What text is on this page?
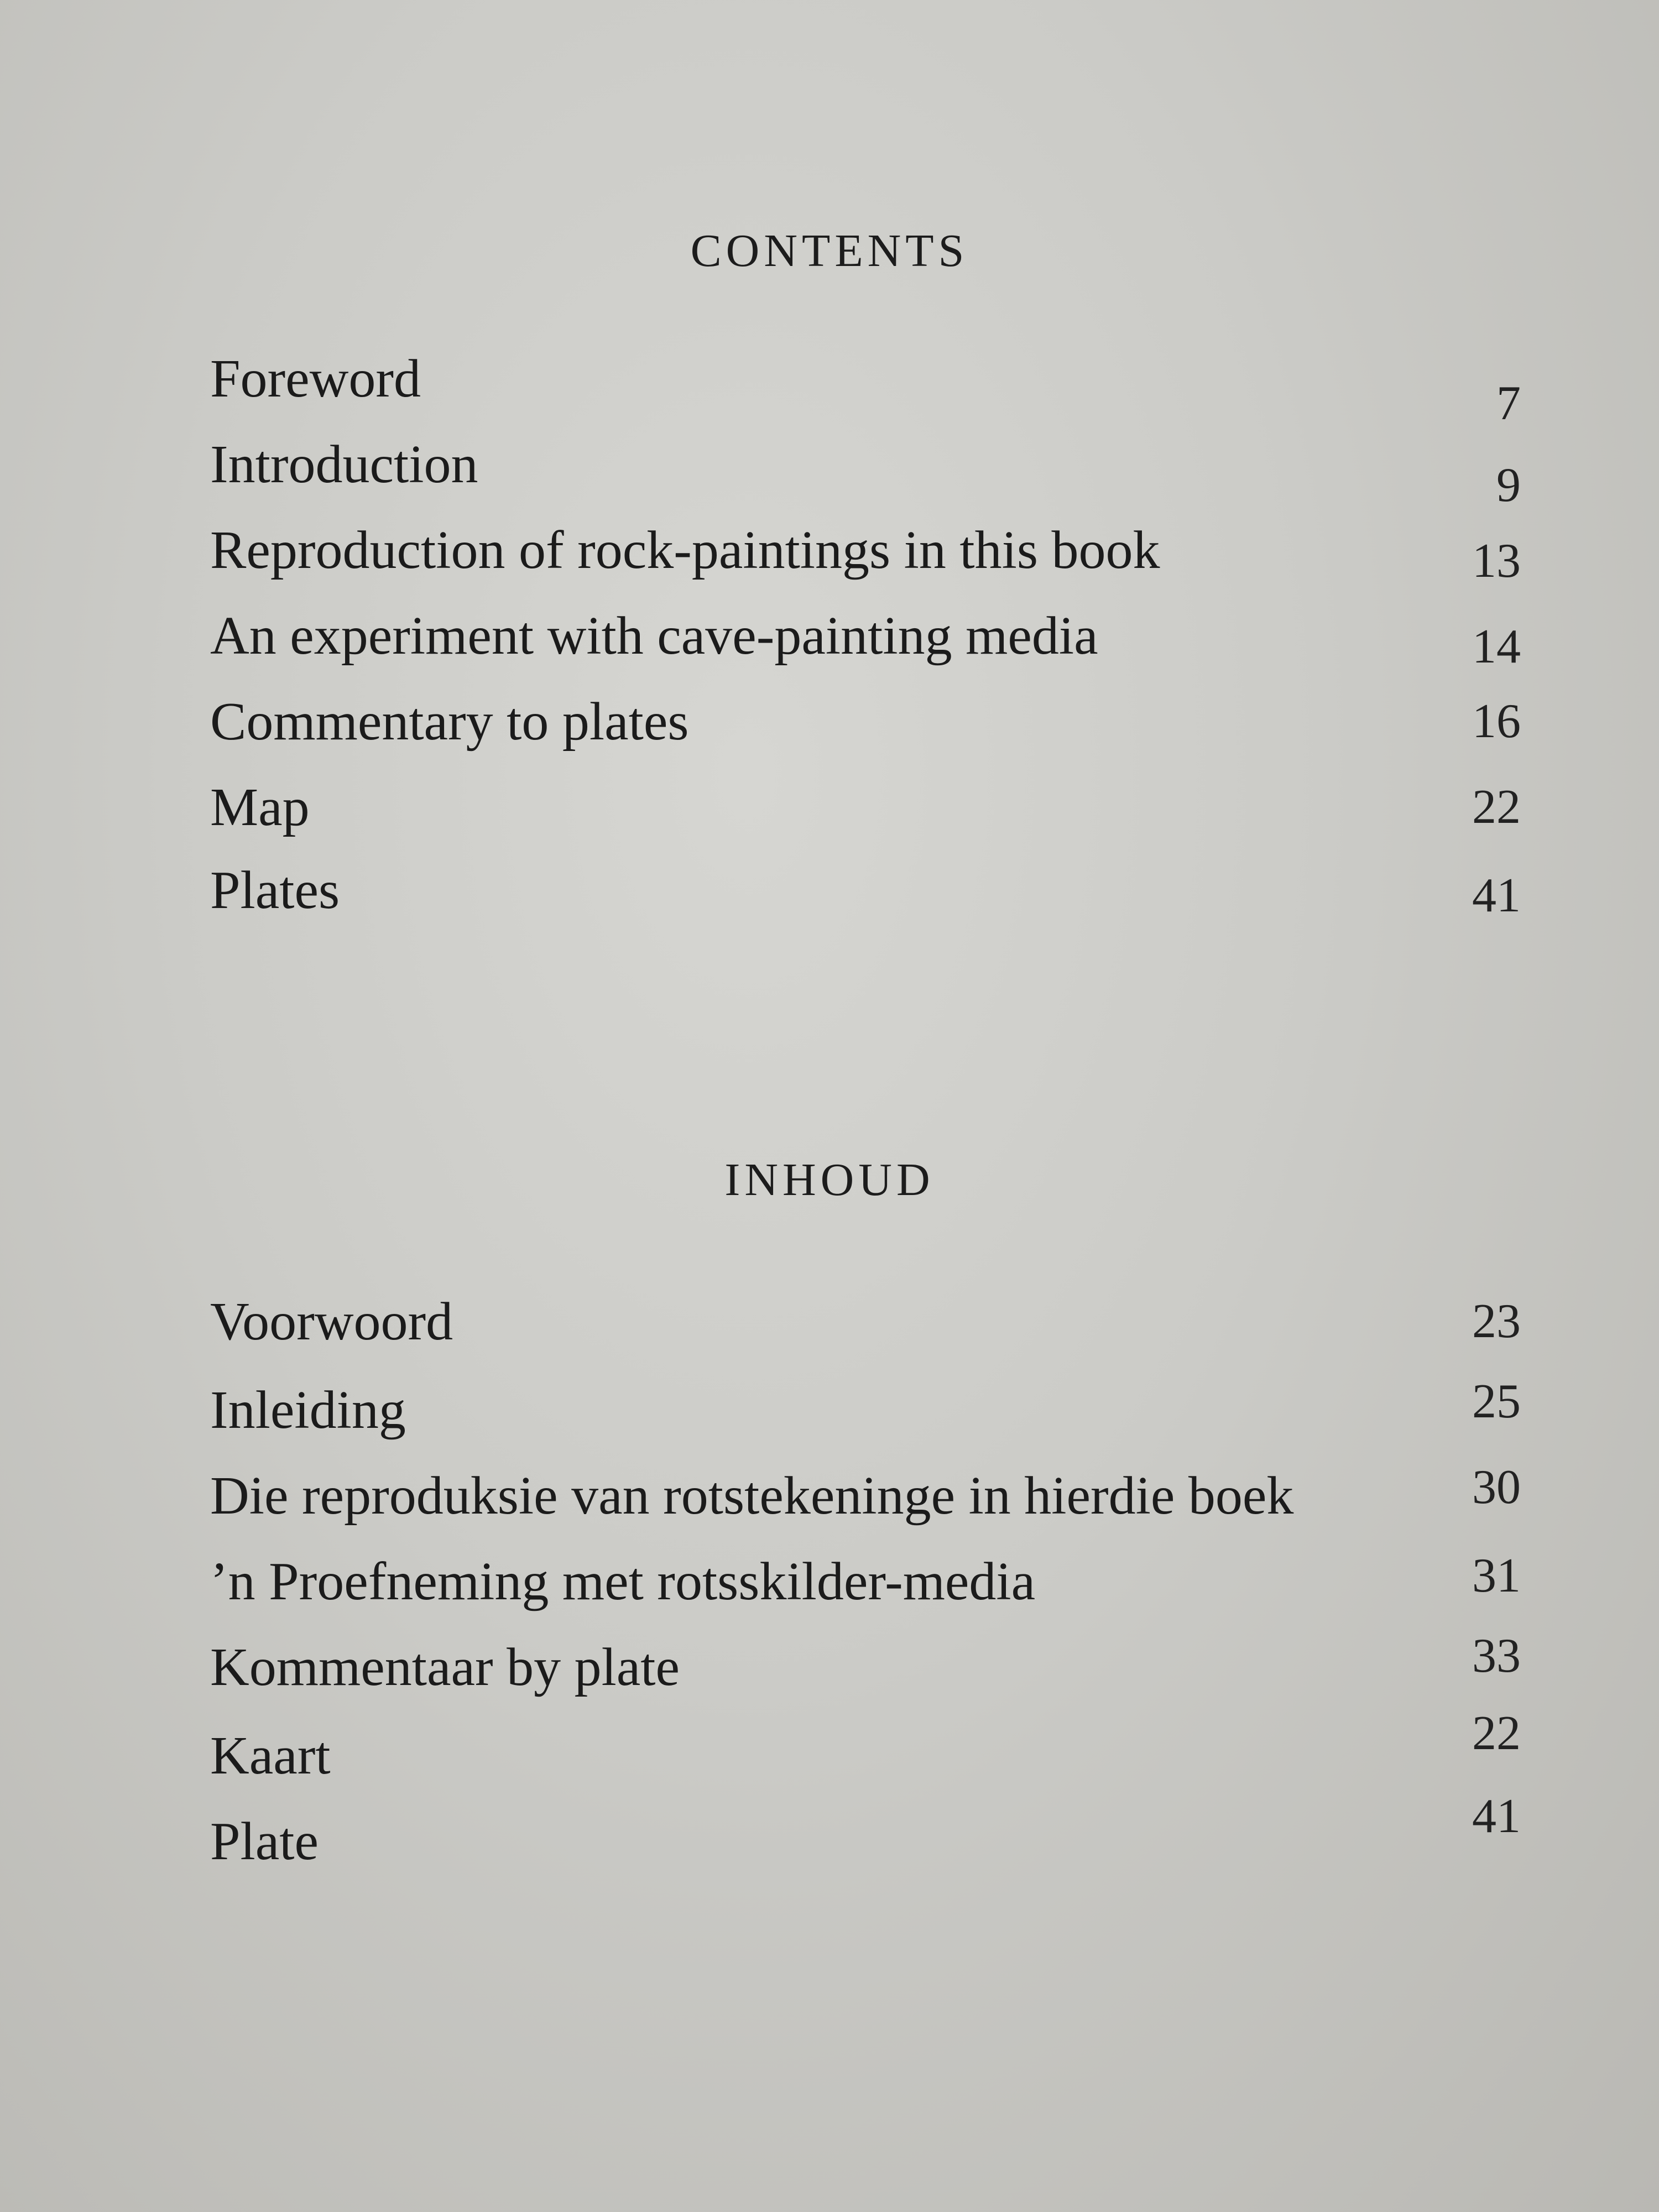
CONTENTS
Foreword	7
Introduction	9
Reproduction of rock-paintings in this book	13
An experiment with cave-painting media	14
Commentary to plates	16
Map	22
Plates	41
INHOUD
Voorwoord	23
Inleiding	25
Die reproduksie van rotstekeninge in hierdie boek	30
’n Proefneming met rotsskilder-media	31
Kommentaar by plate	33
Kaart	22
Plate	41
